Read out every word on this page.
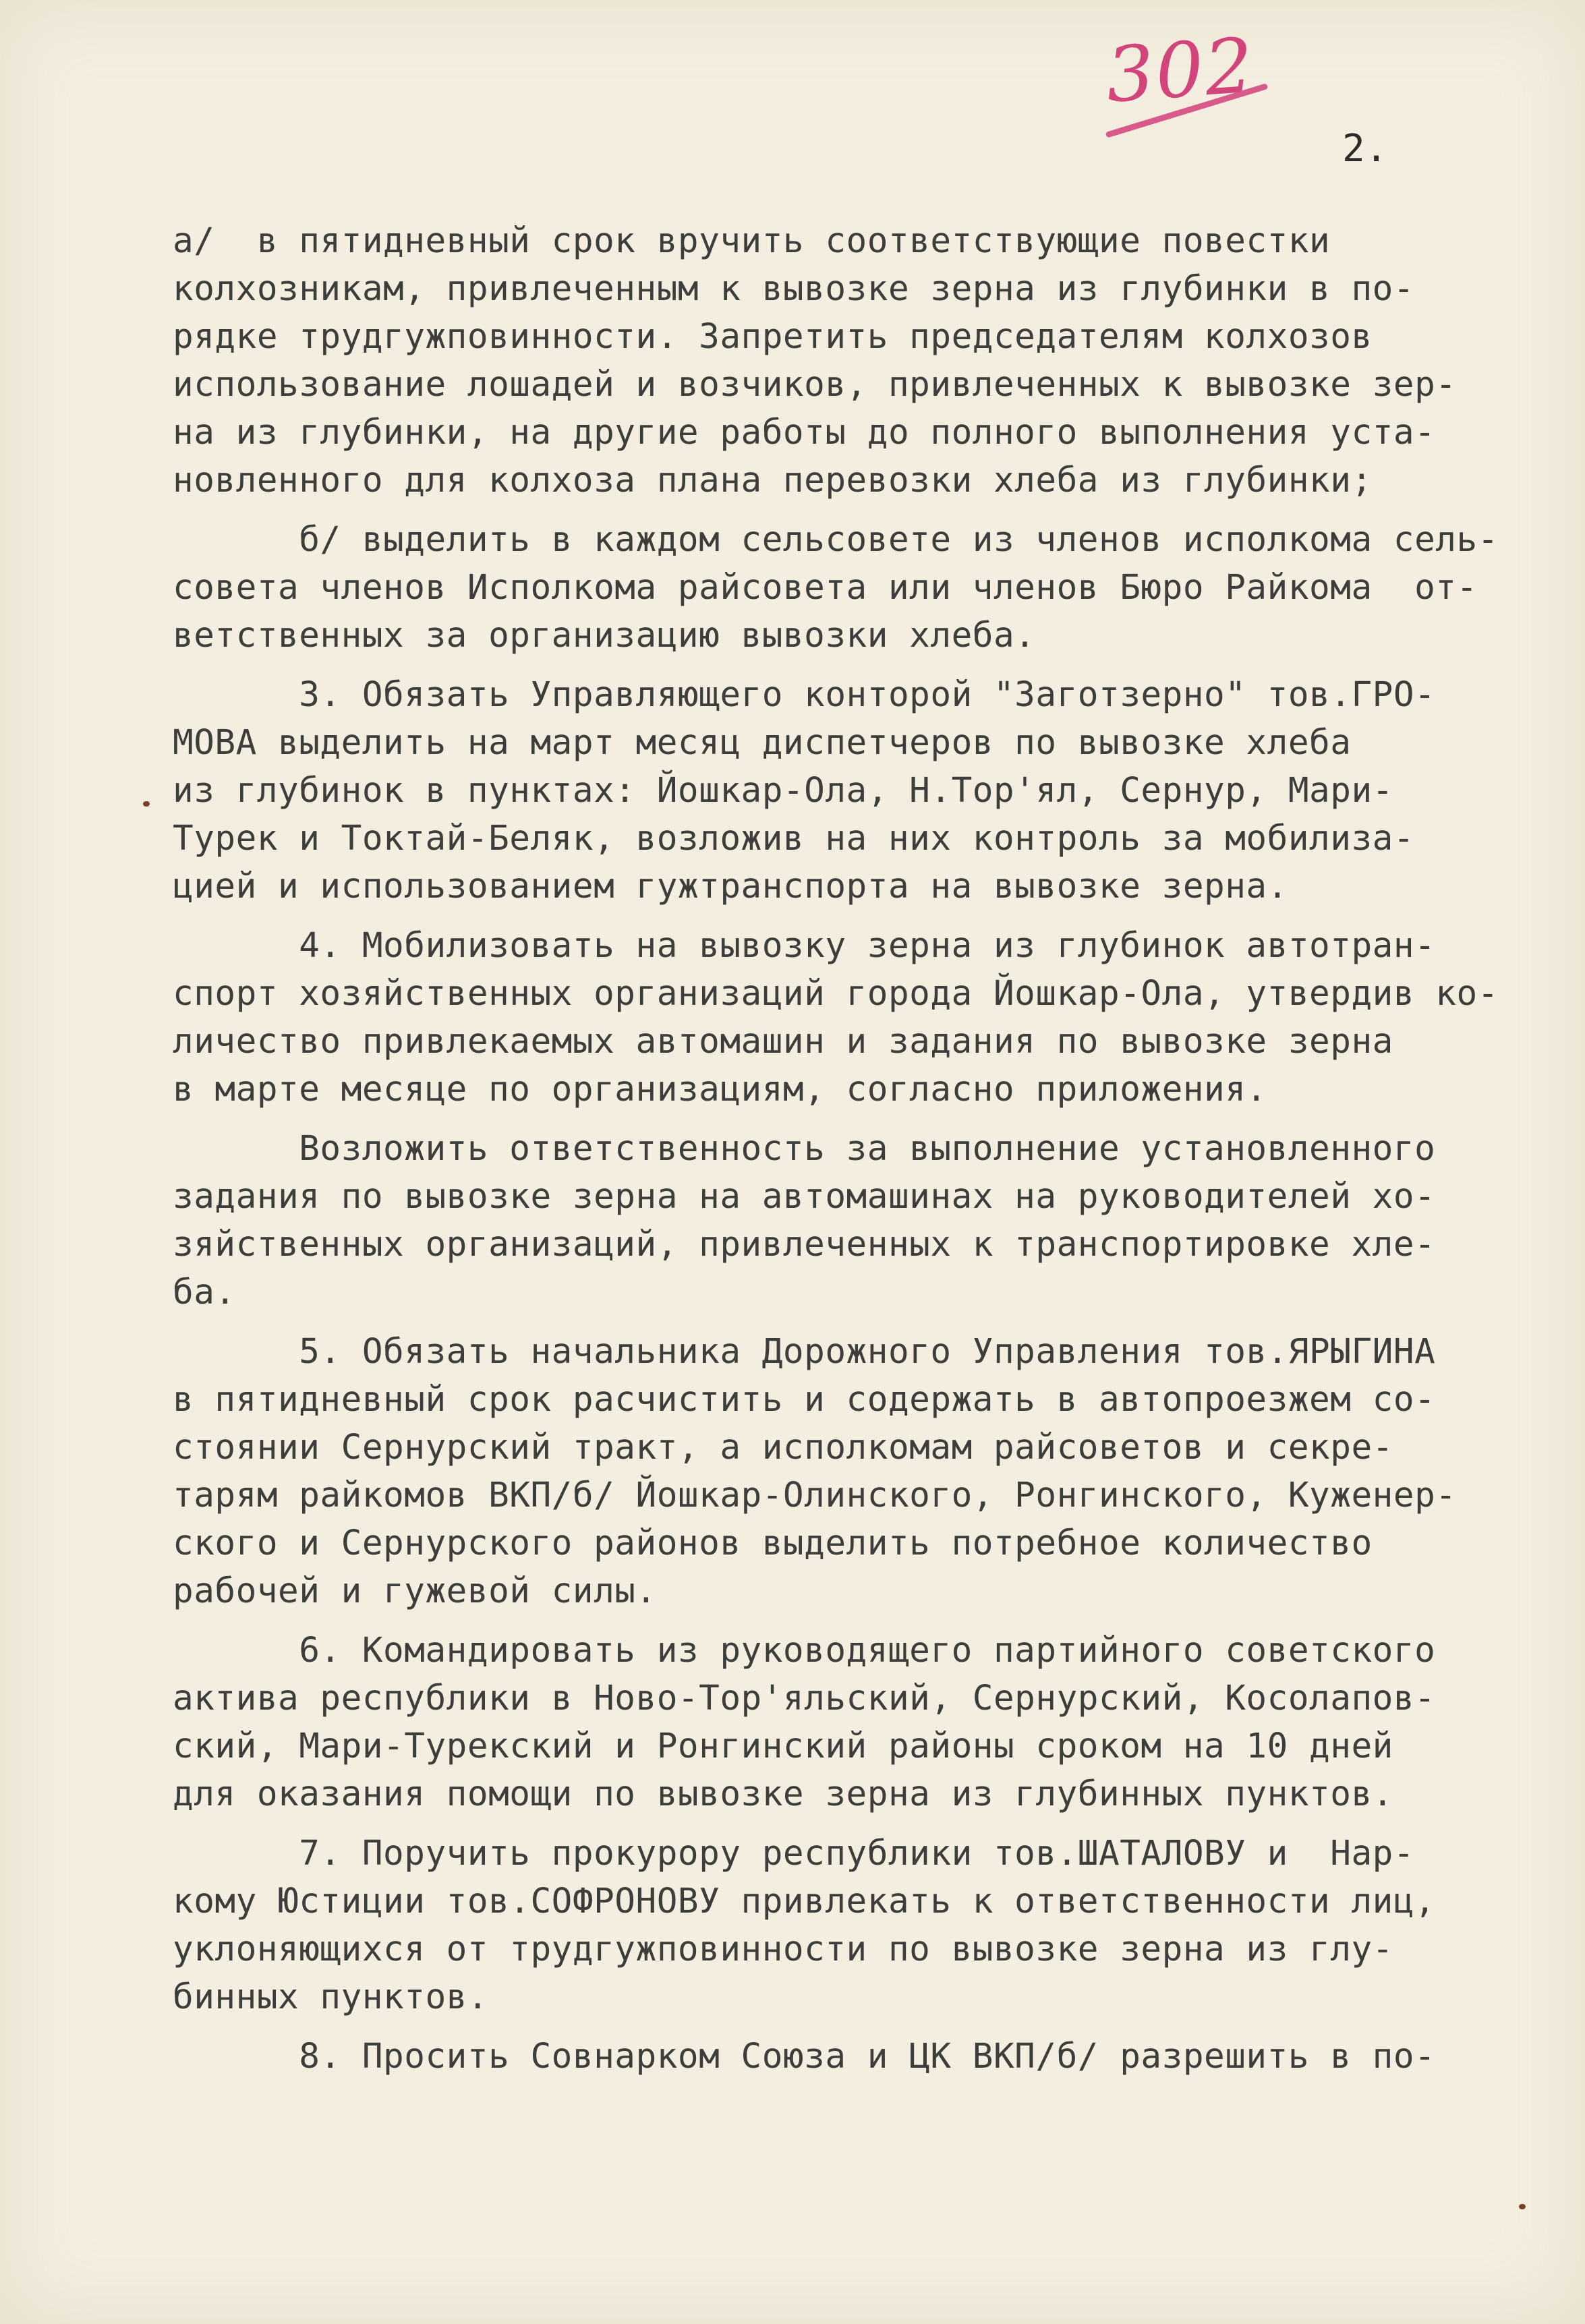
302
2.
а/  в пятидневный срок вручить соответствующие повестки
колхозникам, привлеченным к вывозке зерна из глубинки в по-
рядке трудгужповинности. Запретить председателям колхозов
использование лошадей и возчиков, привлеченных к вывозке зер-
на из глубинки, на другие работы до полного выполнения уста-
новленного для колхоза плана перевозки хлеба из глубинки;
б/ выделить в каждом сельсовете из членов исполкома сель-
совета членов Исполкома райсовета или членов Бюро Райкома  от-
ветственных за организацию вывозки хлеба.
3. Обязать Управляющего конторой "Заготзерно" тов.ГРО-
МОВА выделить на март месяц диспетчеров по вывозке хлеба
из глубинок в пунктах: Йошкар-Ола, Н.Тор'ял, Сернур, Мари-
Турек и Токтай-Беляк, возложив на них контроль за мобилиза-
цией и использованием гужтранспорта на вывозке зерна.
4. Мобилизовать на вывозку зерна из глубинок автотран-
спорт хозяйственных организаций города Йошкар-Ола, утвердив ко-
личество привлекаемых автомашин и задания по вывозке зерна
в марте месяце по организациям, согласно приложения.
Возложить ответственность за выполнение установленного
задания по вывозке зерна на автомашинах на руководителей хо-
зяйственных организаций, привлеченных к транспортировке хле-
ба.
5. Обязать начальника Дорожного Управления тов.ЯРЫГИНА
в пятидневный срок расчистить и содержать в автопроезжем со-
стоянии Сернурский тракт, а исполкомам райсоветов и секре-
тарям райкомов ВКП/б/ Йошкар-Олинского, Ронгинского, Куженер-
ского и Сернурского районов выделить потребное количество
рабочей и гужевой силы.
6. Командировать из руководящего партийного советского
актива республики в Ново-Тор'яльский, Сернурский, Косолапов-
ский, Мари-Турекский и Ронгинский районы сроком на 10 дней
для оказания помощи по вывозке зерна из глубинных пунктов.
7. Поручить прокурору республики тов.ШАТАЛОВУ и  Нар-
кому Юстиции тов.СОФРОНОВУ привлекать к ответственности лиц,
уклоняющихся от трудгужповинности по вывозке зерна из глу-
бинных пунктов.
8. Просить Совнарком Союза и ЦК ВКП/б/ разрешить в по-
